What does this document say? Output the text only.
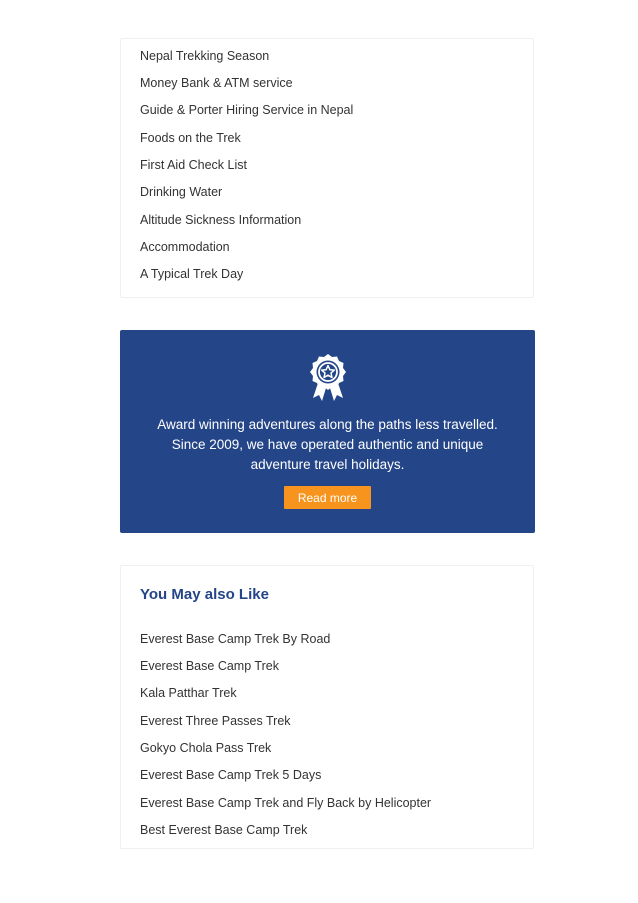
Nepal Trekking Season
Money Bank & ATM service
Guide & Porter Hiring Service in Nepal
Foods on the Trek
First Aid Check List
Drinking Water
Altitude Sickness Information
Accommodation
A Typical Trek Day
Award winning adventures along the paths less travelled. Since 2009, we have operated authentic and unique adventure travel holidays.
Read more
You May also Like
Everest Base Camp Trek By Road
Everest Base Camp Trek
Kala Patthar Trek
Everest Three Passes Trek
Gokyo Chola Pass Trek
Everest Base Camp Trek 5 Days
Everest Base Camp Trek and Fly Back by Helicopter
Best Everest Base Camp Trek
